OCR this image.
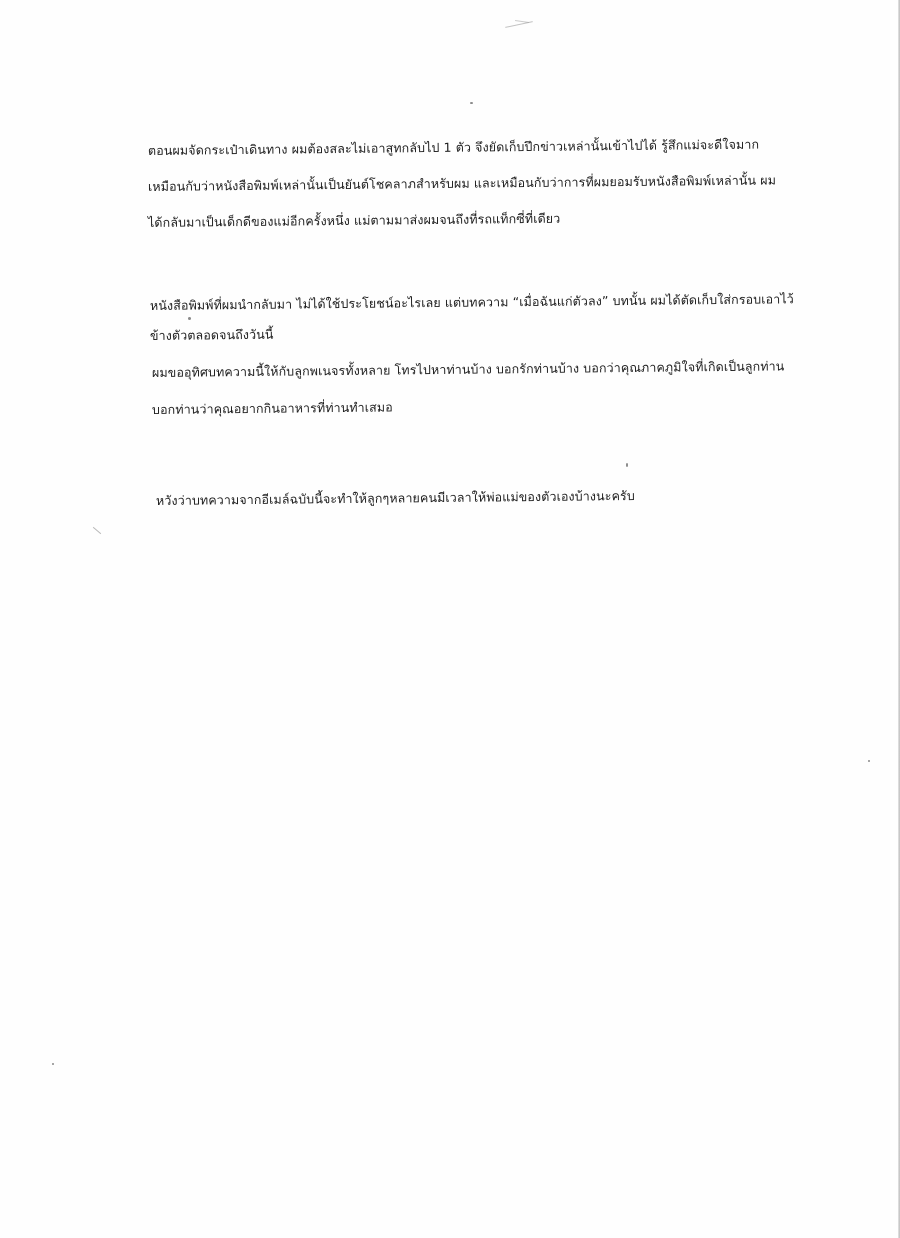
ตอนผมจัดกระเป๋าเดินทาง ผมต้องสละไม่เอาสูทกลับไป 1 ตัว จึงยัดเก็บปึกข่าวเหล่านั้นเข้าไปได้ รู้สึกแม่จะดีใจมาก
เหมือนกับว่าหนังสือพิมพ์เหล่านั้นเป็นยันต์โชคลาภสำหรับผม และเหมือนกับว่าการที่ผมยอมรับหนังสือพิมพ์เหล่านั้น ผม
ได้กลับมาเป็นเด็กดีของแม่อีกครั้งหนึ่ง แม่ตามมาส่งผมจนถึงที่รถแท็กซี่ที่เดียว
หนังสือพิมพ์ที่ผมนำกลับมา ไม่ได้ใช้ประโยชน์อะไรเลย แต่บทความ “เมื่อฉันแก่ตัวลง” บทนั้น ผมได้ตัดเก็บใส่กรอบเอาไว้
ข้างตัวตลอดจนถึงวันนี้
ผมขออุทิศบทความนี้ให้กับลูกพเนจรทั้งหลาย โทรไปหาท่านบ้าง บอกรักท่านบ้าง บอกว่าคุณภาคภูมิใจที่เกิดเป็นลูกท่าน
บอกท่านว่าคุณอยากกินอาหารที่ท่านทำเสมอ
หวังว่าบทความจากอีเมล์ฉบับนี้จะทำให้ลูกๆหลายคนมีเวลาให้พ่อแม่ของตัวเองบ้างนะครับ
